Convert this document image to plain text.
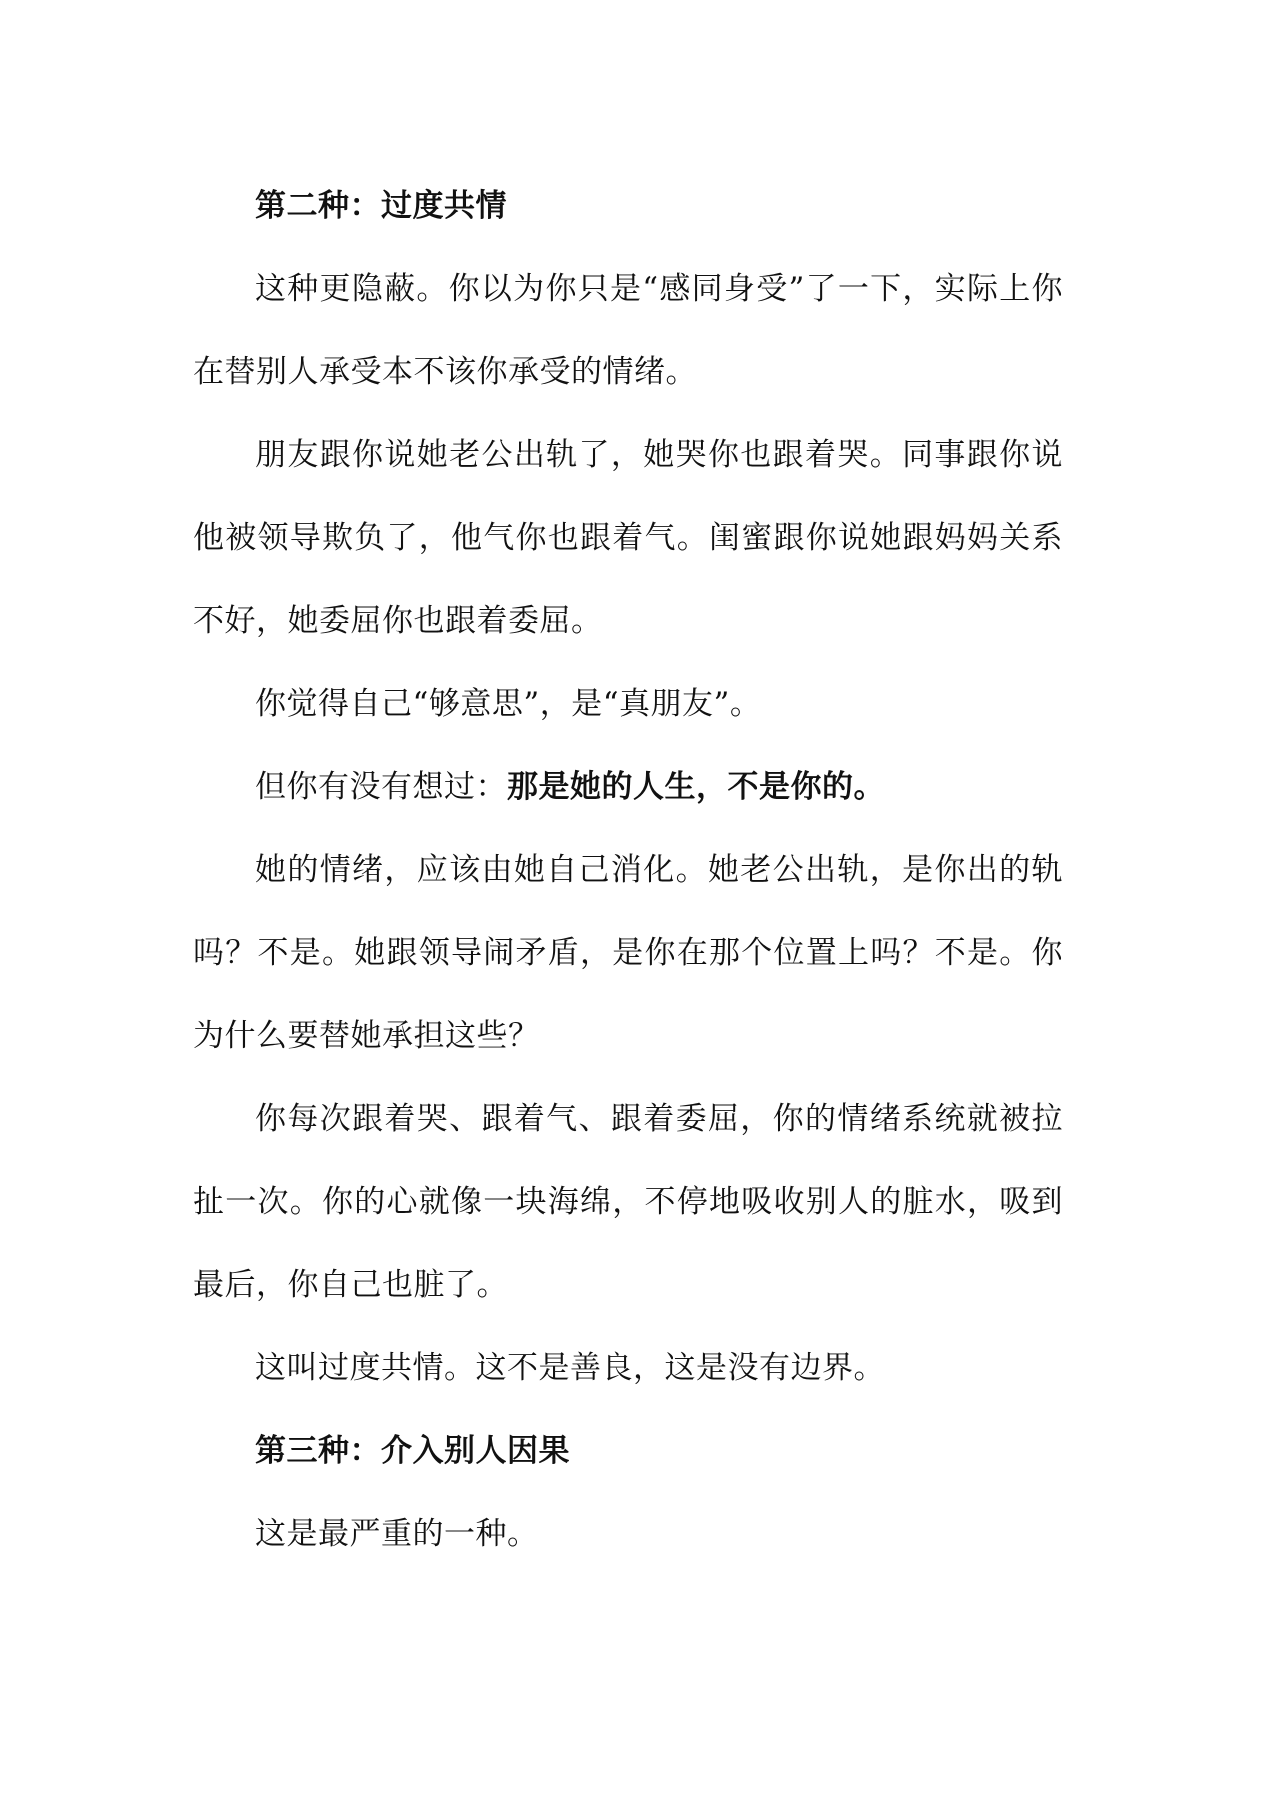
第二种：过度共情

这种更隐蔽。你以为你只是“感同身受”了一下，实际上你在替别人承受本不该你承受的情绪。

朋友跟你说她老公出轨了，她哭你也跟着哭。同事跟你说他被领导欺负了，他气你也跟着气。闺蜜跟你说她跟妈妈关系不好，她委屈你也跟着委屈。

你觉得自己“够意思”，是“真朋友”。

但你有没有想过：那是她的人生，不是你的。

她的情绪，应该由她自己消化。她老公出轨，是你出的轨吗？不是。她跟领导闹矛盾，是你在那个位置上吗？不是。你为什么要替她承担这些？

你每次跟着哭、跟着气、跟着委屈，你的情绪系统就被拉扯一次。你的心就像一块海绵，不停地吸收别人的脏水，吸到最后，你自己也脏了。

这叫过度共情。这不是善良，这是没有边界。

第三种：介入别人因果

这是最严重的一种。
